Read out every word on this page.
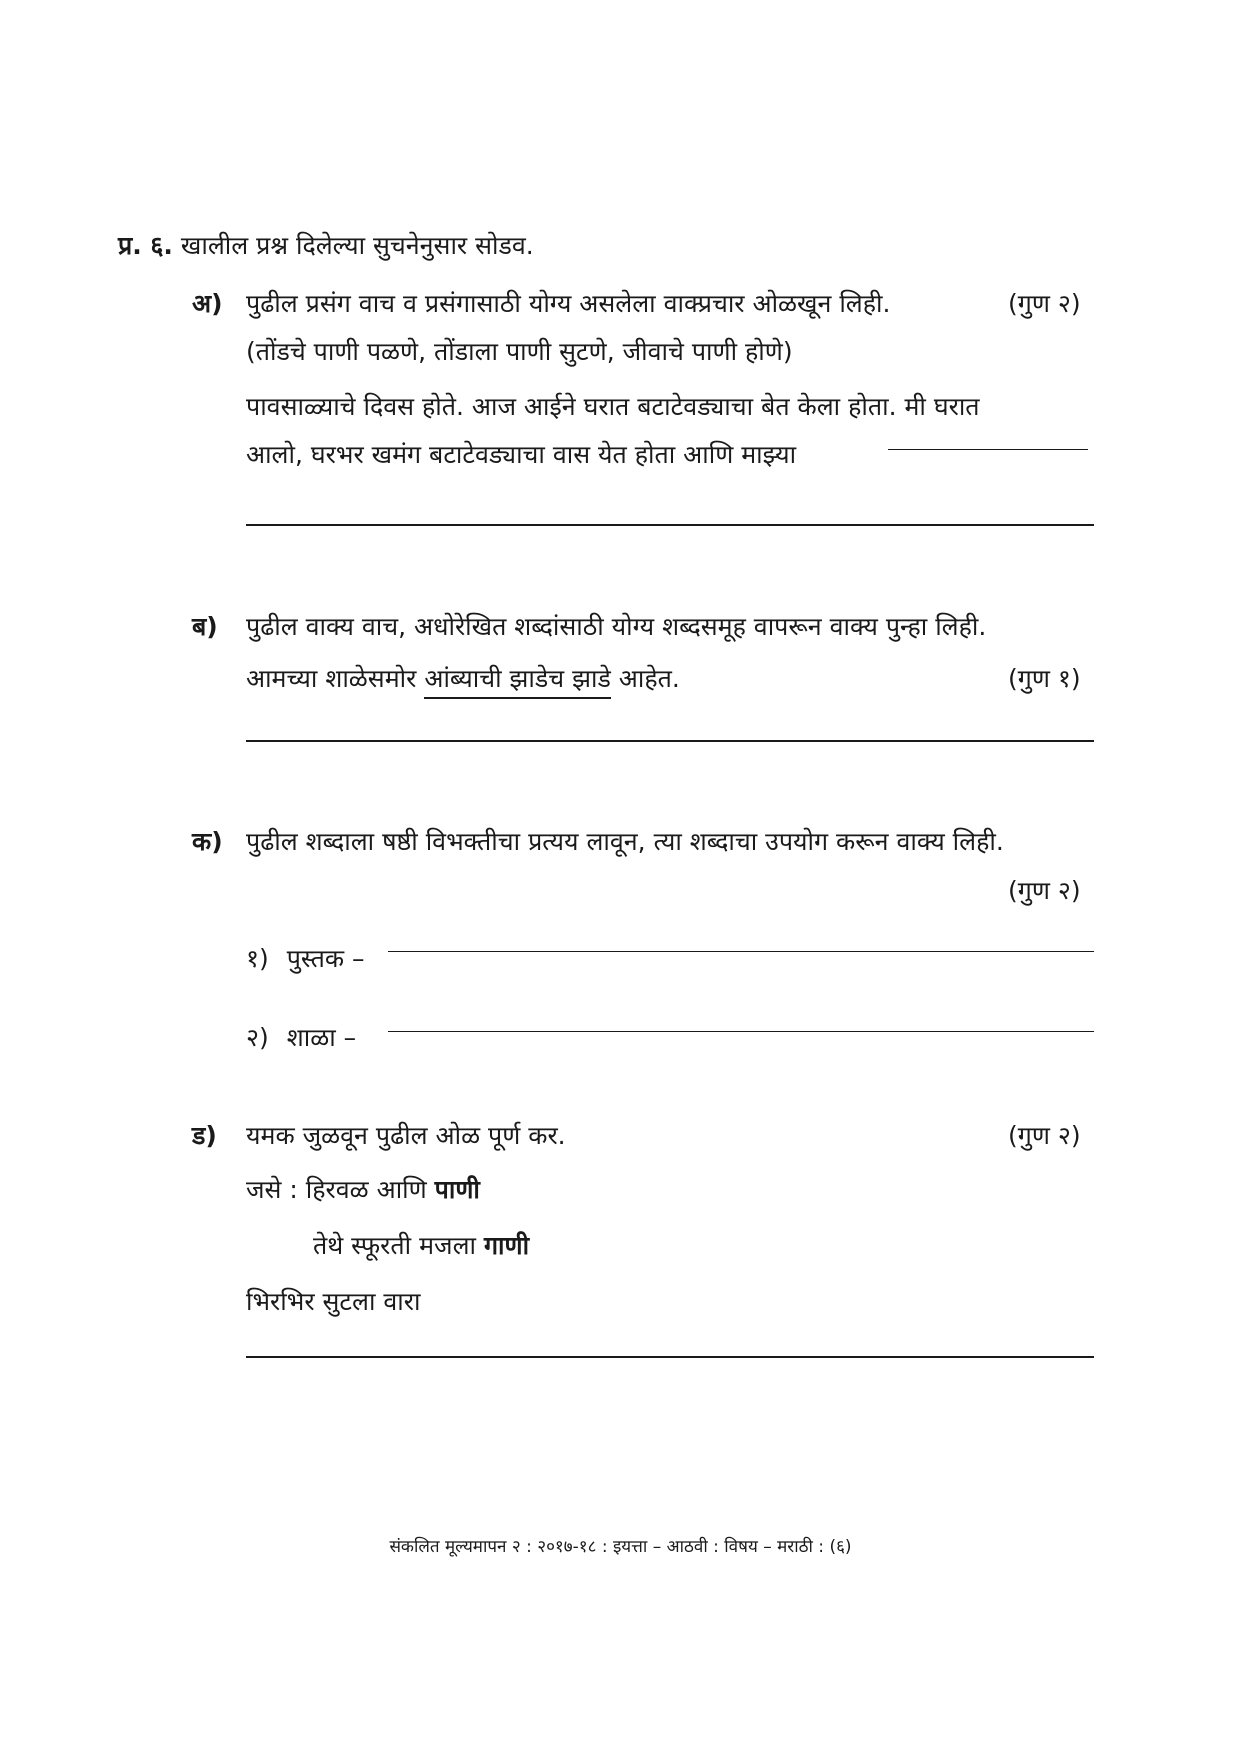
प्र. ६. खालील प्रश्न दिलेल्या सुचनेनुसार सोडव.
अ) पुढील प्रसंग वाच व प्रसंगासाठी योग्य असलेला वाक्प्रचार ओळखून लिही.	(गुण २)
(तोंडचे पाणी पळणे, तोंडाला पाणी सुटणे, जीवाचे पाणी होणे)
पावसाळ्याचे दिवस होते. आज आईने घरात बटाटेवड्याचा बेत केला होता. मी घरात
आलो, घरभर खमंग बटाटेवड्याचा वास येत होता आणि माझ्या
ब) पुढील वाक्य वाच, अधोरेखित शब्दांसाठी योग्य शब्दसमूह वापरून वाक्य पुन्हा लिही.
आमच्या शाळेसमोर आंब्याची झाडेच झाडे आहेत.	(गुण १)
क) पुढील शब्दाला षष्ठी विभक्तीचा प्रत्यय लावून, त्या शब्दाचा उपयोग करून वाक्य लिही.
(गुण २)
१) पुस्तक –
२) शाळा –
ड) यमक जुळवून पुढील ओळ पूर्ण कर.	(गुण २)
जसे : हिरवळ आणि पाणी
तेथे स्फूरती मजला गाणी
भिरभिर सुटला वारा
संकलित मूल्यमापन २ : २०१७-१८ : इयत्ता – आठवी : विषय – मराठी : (६)
